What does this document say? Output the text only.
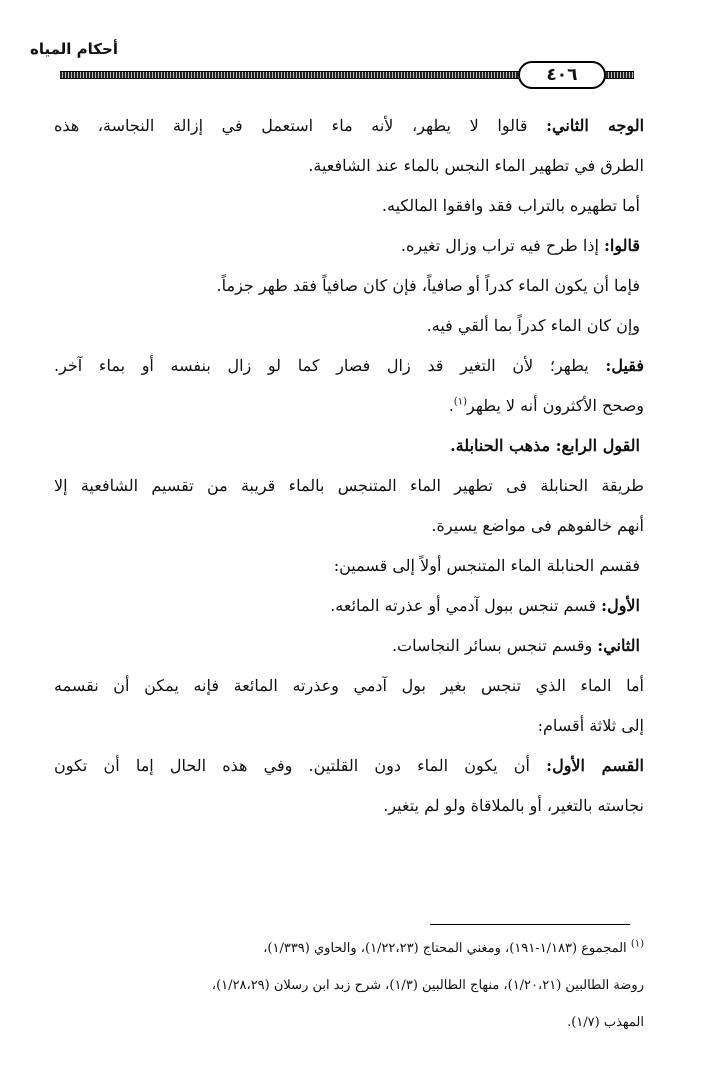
أحكام المياه
٤٠٦
الوجه الثاني: قالوا لا يطهر، لأنه ماء استعمل في إزالة النجاسة، هذه
الطرق في تطهير الماء النجس بالماء عند الشافعية.
أما تطهيره بالتراب فقد وافقوا المالكيه.
قالوا: إذا طرح فيه تراب وزال تغيره.
فإما أن يكون الماء كدراً أو صافياً، فإن كان صافياً فقد طهر جزماً.
وإن كان الماء كدراً بما ألقي فيه.
فقيل: يطهر؛ لأن التغير قد زال فصار كما لو زال بنفسه أو بماء آخر.
وصحح الأكثرون أنه لا يطهر$^{(١)}$.
القول الرابع: مذهب الحنابلة.
طريقة الحنابلة فى تطهير الماء المتنجس بالماء قريبة من تقسيم الشافعية إلا
أنهم خالفوهم فى مواضع يسيرة.
فقسم الحنابلة الماء المتنجس أولاً إلى قسمين:
الأول: قسم تنجس ببول آدمي أو عذرته المائعه.
الثاني: وقسم تنجس بسائر النجاسات.
أما الماء الذي تنجس بغير بول آدمي وعذرته المائعة فإنه يمكن أن نقسمه
إلى ثلاثة أقسام:
القسم الأول: أن يكون الماء دون القلتين. وفي هذه الحال إما أن تكون
نجاسته بالتغير، أو بالملاقاة ولو لم يتغير.
$^{(١)}$ المجموع (١/١٨٣-١٩١)، ومغني المحتاج (١/٢٢،٢٣)، والحاوي (١/٣٣٩)،
روضة الطالبين (١/٢٠،٢١)، منهاج الطالبين (١/٣)، شرح زبد ابن رسلان (١/٢٨،٢٩)،
المهذب (١/٧).
